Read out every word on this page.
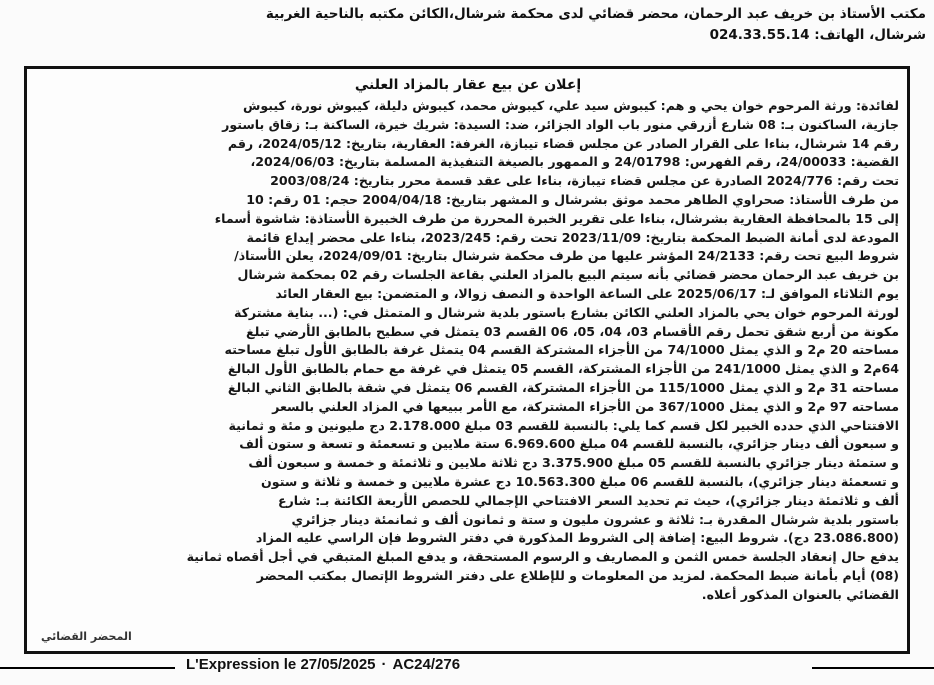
مكتب الأستاذ بن خريف عبد الرحمان، محضر قضائي لدى محكمة شرشال،الكائن مكتبه بالناحية الغربية
شرشال، الهاتف: 024.33.55.14
إعلان عن بيع عقار بالمزاد العلني
لفائدة: ورثة المرحوم خوان يحي و هم: كيبوش سيد علي، كيبوش محمد، كيبوش دليلة، كيبوش نورة، كيبوش
جازية، الساكنون بـ: 08 شارع أزرقي منور باب الواد الجزائر، ضد: السيدة: شريك خيرة، الساكنة بـ: زقاق باستور
رقم 14 شرشال، بناءا على القرار الصادر عن مجلس قضاء تيبازة، الغرفة: العقارية، بتاريخ: 2024/05/12، رقم
القضية: 24/00033، رقم الفهرس: 24/01798 و الممهور بالصيغة التنفيذية المسلمة بتاريخ: 2024/06/03،
تحت رقم: 2024/776 الصادرة عن مجلس قضاء تيبازة، بناءا على عقد قسمة محرر بتاريخ: 2003/08/24
من طرف الأستاذ: صحراوي الطاهر محمد موثق بشرشال و المشهر بتاريخ: 2004/04/18 حجم: 01 رقم: 10
إلى 15 بالمحافظة العقارية بشرشال، بناءا على تقرير الخبرة المحررة من طرف الخبيرة الأستاذة: شاشوة أسماء
المودعة لدى أمانة الضبط المحكمة بتاريخ: 2023/11/09 تحت رقم: 2023/245، بناءا على محضر إيداع قائمة
شروط البيع تحت رقم: 24/2133 المؤشر عليها من طرف محكمة شرشال بتاريخ: 2024/09/01، يعلن الأستاذ/
بن خريف عبد الرحمان محضر قضائي بأنه سيتم البيع بالمزاد العلني بقاعة الجلسات رقم 02 بمحكمة شرشال
يوم الثلاثاء الموافق لـ: 2025/06/17 على الساعة الواحدة و النصف زوالا، و المتضمن: بيع العقار العائد
لورثة المرحوم خوان يحي بالمزاد العلني الكائن بشارع باستور بلدية شرشال و المتمثل في: (... بناية مشتركة
مكونة من أربع شقق تحمل رقم الأقسام 03، 04، 05، 06 القسم 03 يتمثل في سطيح بالطابق الأرضي تبلغ
مساحته 20 م2 و الذي يمثل 74/1000 من الأجزاء المشتركة القسم 04 يتمثل غرفة بالطابق الأول تبلغ مساحته
64م2 و الذي يمثل 241/1000 من الأجزاء المشتركة، القسم 05 يتمثل في غرفة مع حمام بالطابق الأول البالغ
مساحته 31 م2 و الذي يمثل 115/1000 من الأجزاء المشتركة، القسم 06 يتمثل في شقة بالطابق الثاني البالغ
مساحته 97 م2 و الذي يمثل 367/1000 من الأجزاء المشتركة، مع الأمر ببيعها في المزاد العلني بالسعر
الافتتاحي الذي حدده الخبير لكل قسم كما يلي: بالنسبة للقسم 03 مبلغ 2.178.000 دج مليونين و مئة و ثمانية
و سبعون ألف دينار جزائري، بالنسبة للقسم 04 مبلغ 6.969.600 ستة ملايين و تسعمئة و تسعة و ستون ألف
و ستمئة دينار جزائري بالنسبة للقسم 05 مبلغ 3.375.900 دج ثلاثة ملايين و ثلاثمئة و خمسة و سبعون ألف
و تسعمئة دينار جزائري)، بالنسبة للقسم 06 مبلغ 10.563.300 دج عشرة ملايين و خمسة و ثلاثة و ستون
ألف و ثلاثمئة دينار جزائري)، حيث تم تحديد السعر الافتتاحي الإجمالي للحصص الأربعة الكائنة بـ: شارع
باستور بلدية شرشال المقدرة بـ: ثلاثة و عشرون مليون و ستة و ثمانون ألف و ثمانمئة دينار جزائري
(23.086.800 دج). شروط البيع: إضافة إلى الشروط المذكورة في دفتر الشروط فإن الراسي عليه المزاد
يدفع حال إنعقاد الجلسة خمس الثمن و المصاريف و الرسوم المستحقة، و يدفع المبلغ المتبقي في أجل أقصاه ثمانية
(08) أيام بأمانة ضبط المحكمة. لمزيد من المعلومات و للإطلاع على دفتر الشروط الإتصال بمكتب المحضر
القضائي بالعنوان المذكور أعلاه.
المحضر القضائي
L'Expression le 27/05/2025 · AC24/276
